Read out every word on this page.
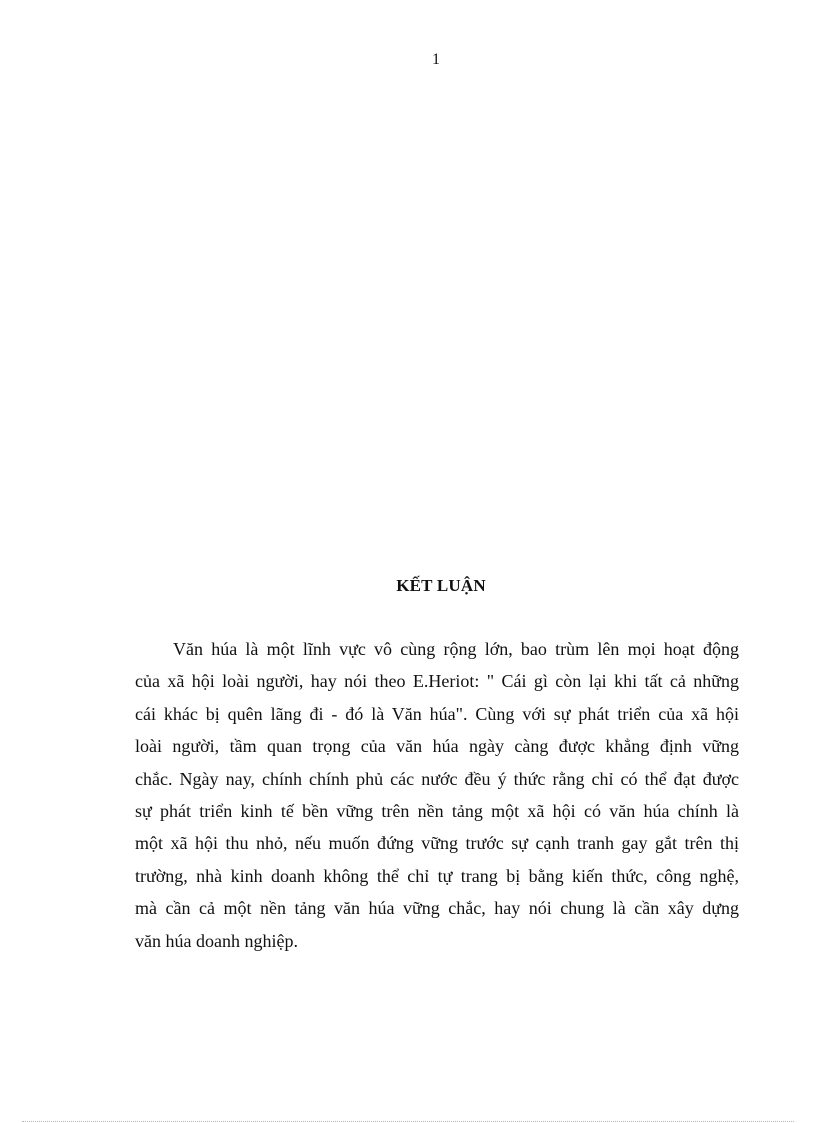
1
KẾT LUẬN
Văn húa là một lĩnh vực vô cùng rộng lớn, bao trùm lên mọi hoạt động
của xã hội loài người, hay nói theo E.Heriot: " Cái gì còn lại khi tất cả những
cái khác bị quên lãng đi - đó là Văn húa". Cùng với sự phát triển của xã hội
loài người, tầm quan trọng của văn húa ngày càng được khẳng định vững
chắc. Ngày nay, chính chính phủ các nước đều ý thức rằng chỉ có thể đạt được
sự phát triển kinh tế bền vững trên nền tảng một xã hội có văn húa chính là
một xã hội thu nhỏ, nếu muốn đứng vững trước sự cạnh tranh gay gắt trên thị
trường, nhà kinh doanh không thể chỉ tự trang bị bằng kiến thức, công nghệ,
mà cần cả một nền tảng văn húa vững chắc, hay nói chung là cần xây dựng
văn húa doanh nghiệp.
